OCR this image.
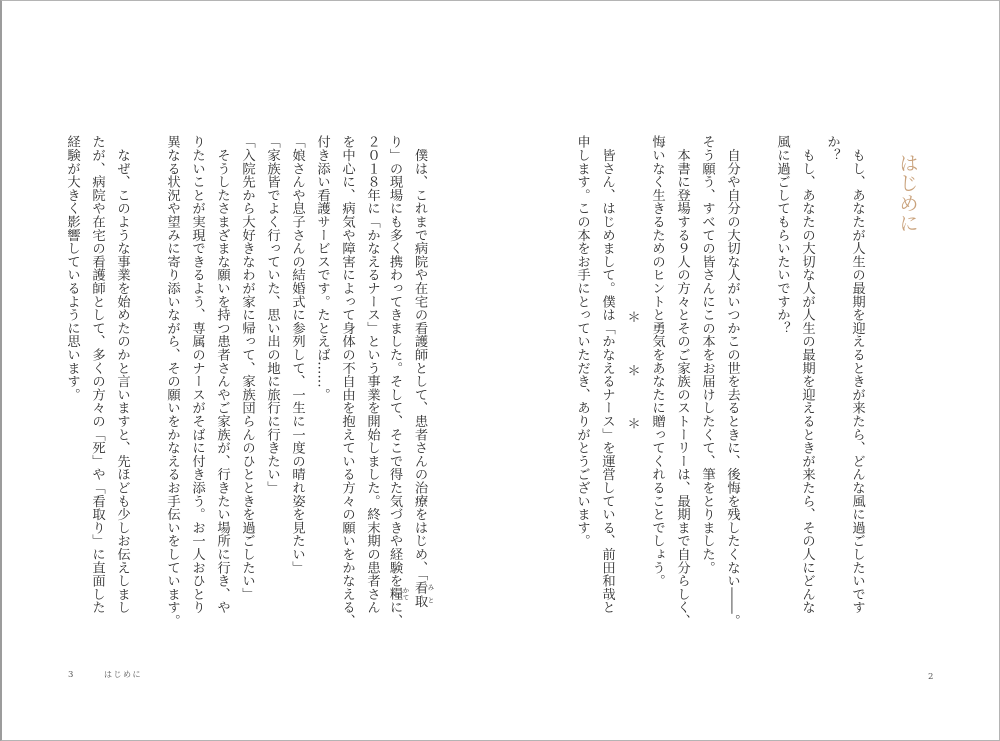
　僕は、これまで病院や在宅の看護師として、患者さんの治療をはじめ、「看取 みと
り」の現場にも多く携わってきました。そして、そこで得た気づきや経験を糧 かてに、
２０１８年に「かなえるナース」という事業を開始しました。終末期の患者さん
を中心に、病気や障害によって身体の不自由を抱えている方々の願いをかなえる、
付き添い看護サービスです。たとえば……。
「娘さんや息子さんの結婚式に参列して、一生に一度の晴れ姿を見たい」
「家族皆でよく行っていた、思い出の地に旅行に行きたい」
「入院先から大好きなわが家に帰って、家族団らんのひとときを過ごしたい」
　そうしたさまざまな願いを持つ患者さんやご家族が、行きたい場所に行き、や
りたいことが実現できるよう、専属のナースがそばに付き添う。お一人おひとり
異なる状況や望みに寄り添いながら、その願いをかなえるお手伝いをしています。
　なぜ、このような事業を始めたのかと言いますと、先ほども少しお伝えしまし
たが、病院や在宅の看護師として、多くの方々の「死」や「看取り」に直面した
経験が大きく影響しているように思います。
3	はじめに
はじめに
　もし、あなたが人生の最期を迎えるときが来たら、どんな風に過ごしたいです
か？
　もし、あなたの大切な人が人生の最期を迎えるときが来たら、その人にどんな
風に過ごしてもらいたいですか？
　自分や自分の大切な人がいつかこの世を去るときに、後悔を残したくない――。
そう願う、すべての皆さんにこの本をお届けしたくて、筆をとりました。
　本書に登場する９人の方々とそのご家族のストーリーは、最期まで自分らしく、
悔いなく生きるためのヒントと勇気をあなたに贈ってくれることでしょう。
＊　　　＊　　　＊
　皆さん、はじめまして。僕は「かなえるナース」を運営している、前田和哉と
申します。この本をお手にとっていただき、ありがとうございます。
2
